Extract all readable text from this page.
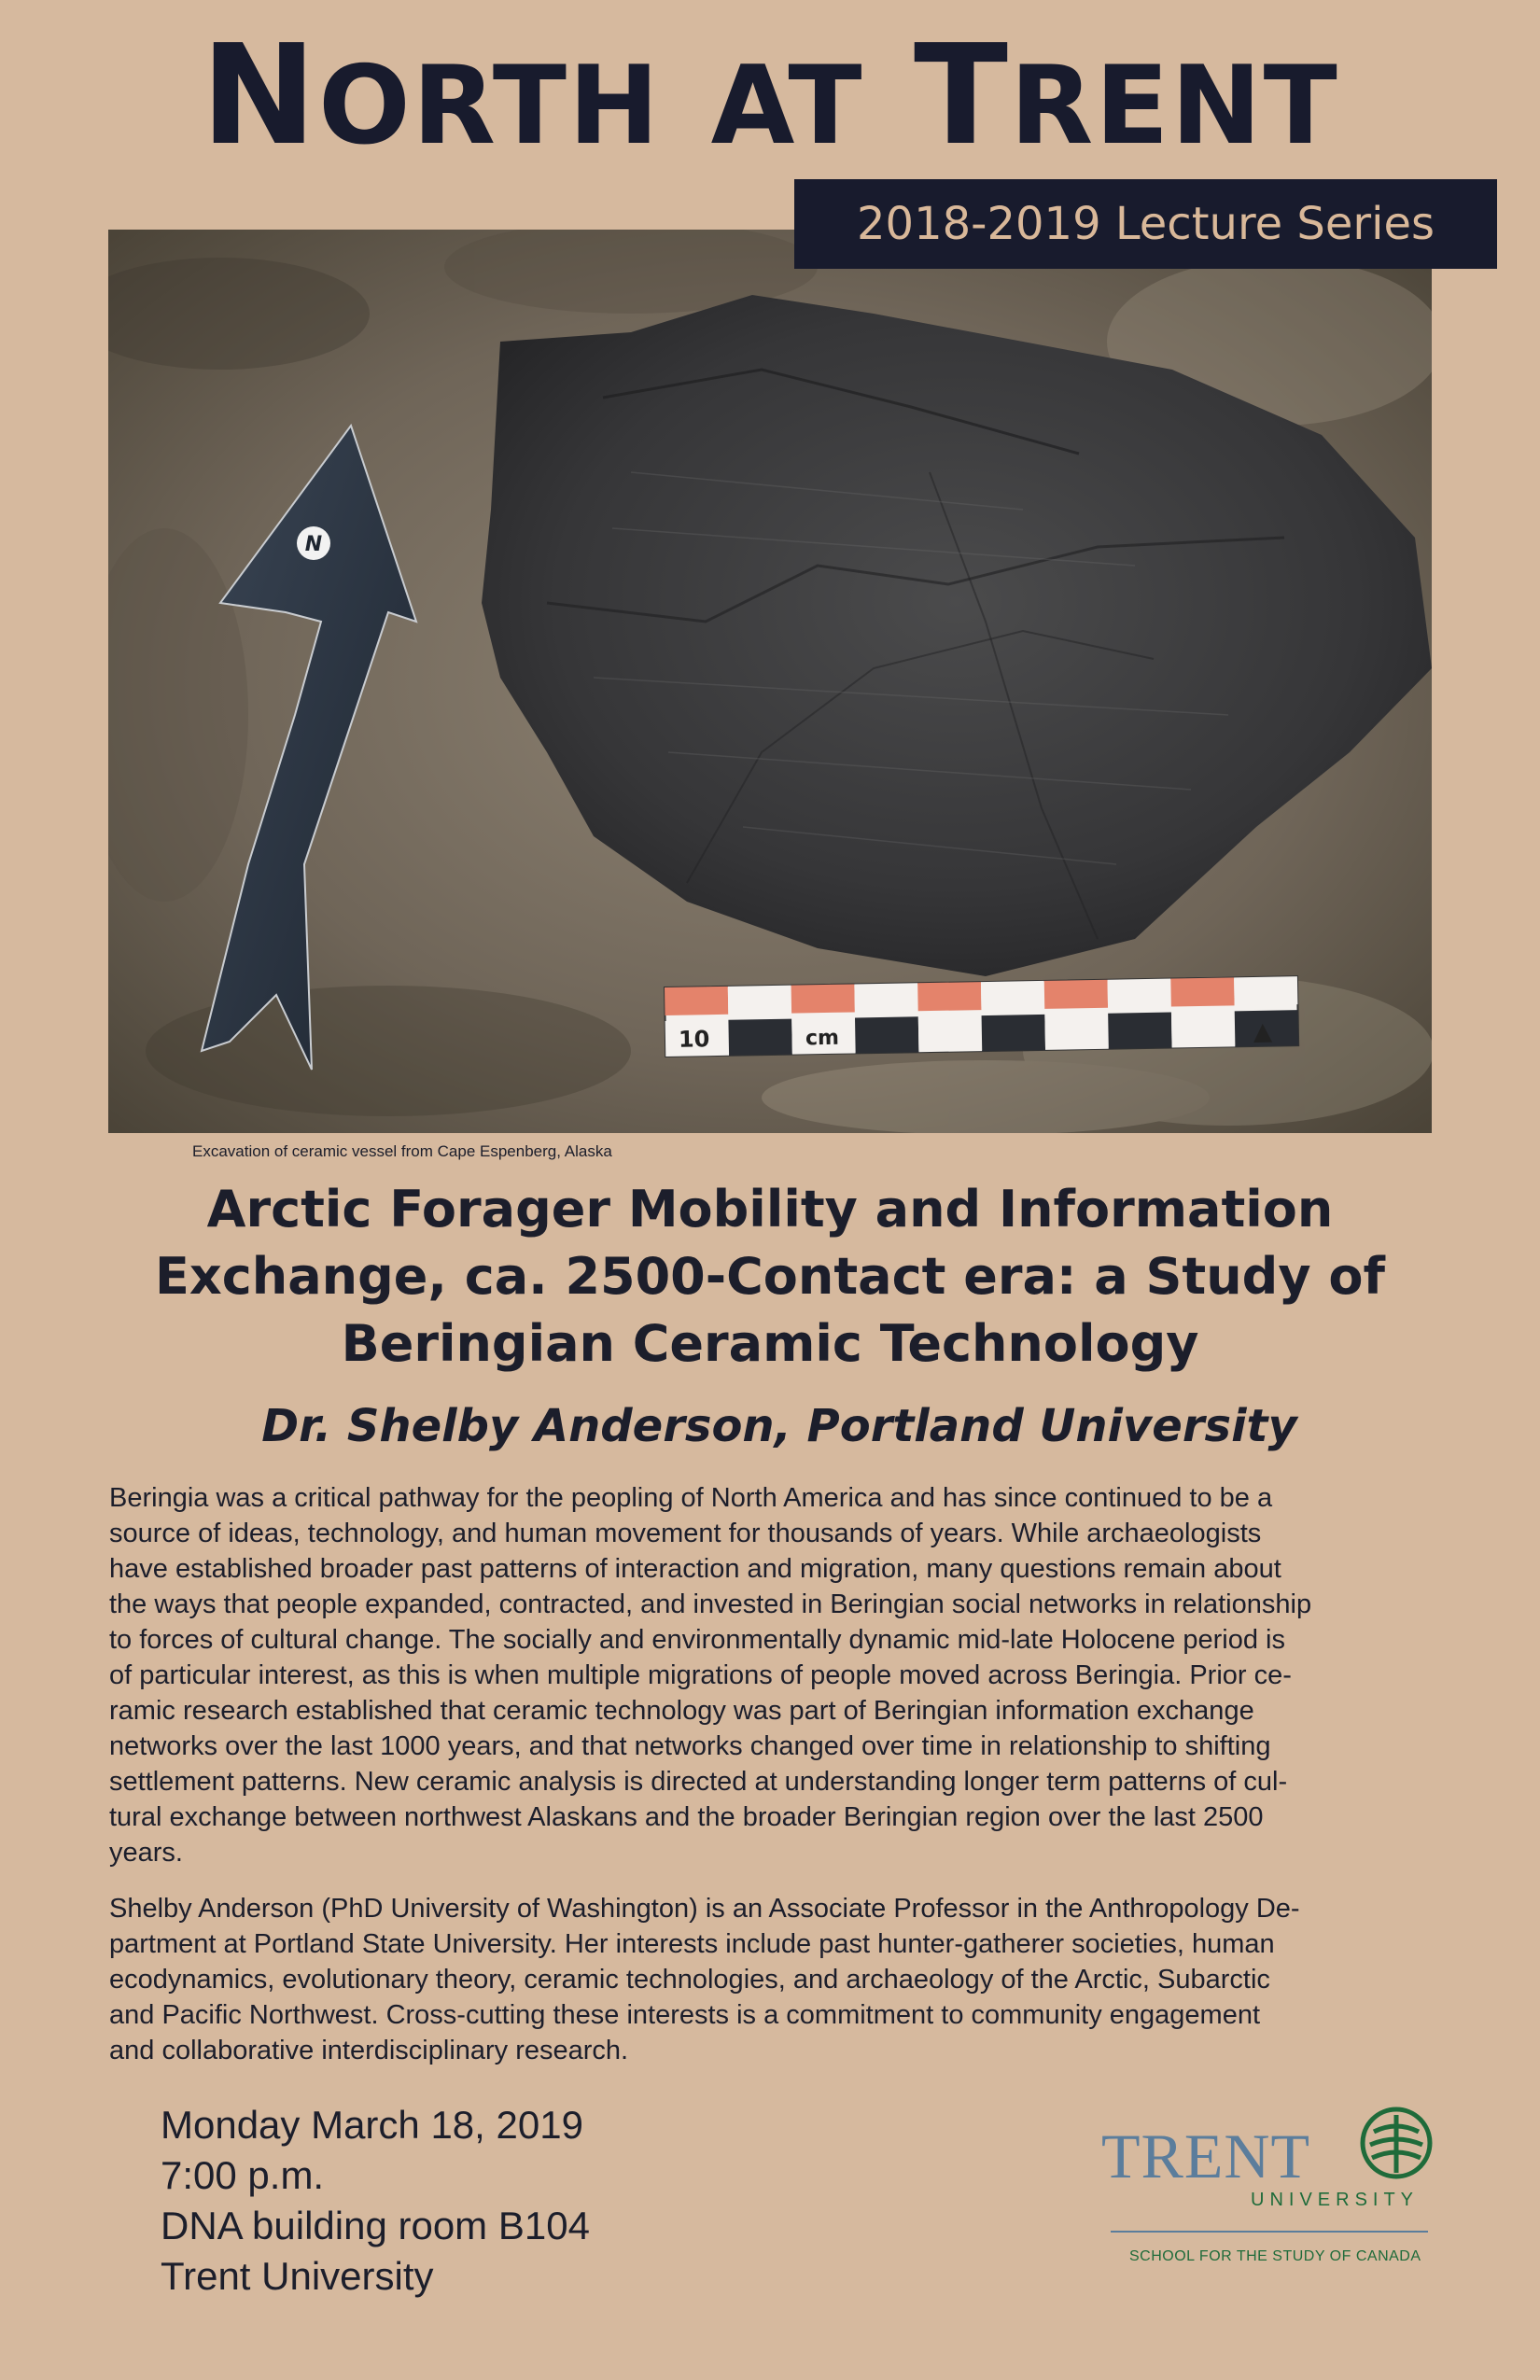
NORTH AT TRENT
N
10	cm
2018-2019 Lecture Series
Excavation of ceramic vessel from Cape Espenberg, Alaska
Arctic Forager Mobility and Information
Exchange, ca. 2500-Contact era: a Study of
Beringian Ceramic Technology
Dr. Shelby Anderson, Portland University
Beringia was a critical pathway for the peopling of North America and has since continued to be a
source of ideas, technology, and human movement for thousands of years. While archaeologists
have established broader past patterns of interaction and migration, many questions remain about
the ways that people expanded, contracted, and invested in Beringian social networks in relationship
to forces of cultural change. The socially and environmentally dynamic mid-late Holocene period is
of particular interest, as this is when multiple migrations of people moved across Beringia. Prior ce-
ramic research established that ceramic technology was part of Beringian information exchange
networks over the last 1000 years, and that networks changed over time in relationship to shifting
settlement patterns. New ceramic analysis is directed at understanding longer term patterns of cul-
tural exchange between northwest Alaskans and the broader Beringian region over the last 2500
years.
Shelby Anderson (PhD University of Washington) is an Associate Professor in the Anthropology De-
partment at Portland State University. Her interests include past hunter-gatherer societies, human
ecodynamics, evolutionary theory, ceramic technologies, and archaeology of the Arctic, Subarctic
and Pacific Northwest. Cross-cutting these interests is a commitment to community engagement
and collaborative interdisciplinary research.
Monday March 18, 2019
7:00 p.m.
DNA building room B104
Trent University
TRENT
UNIVERSITY
SCHOOL FOR THE STUDY OF CANADA
